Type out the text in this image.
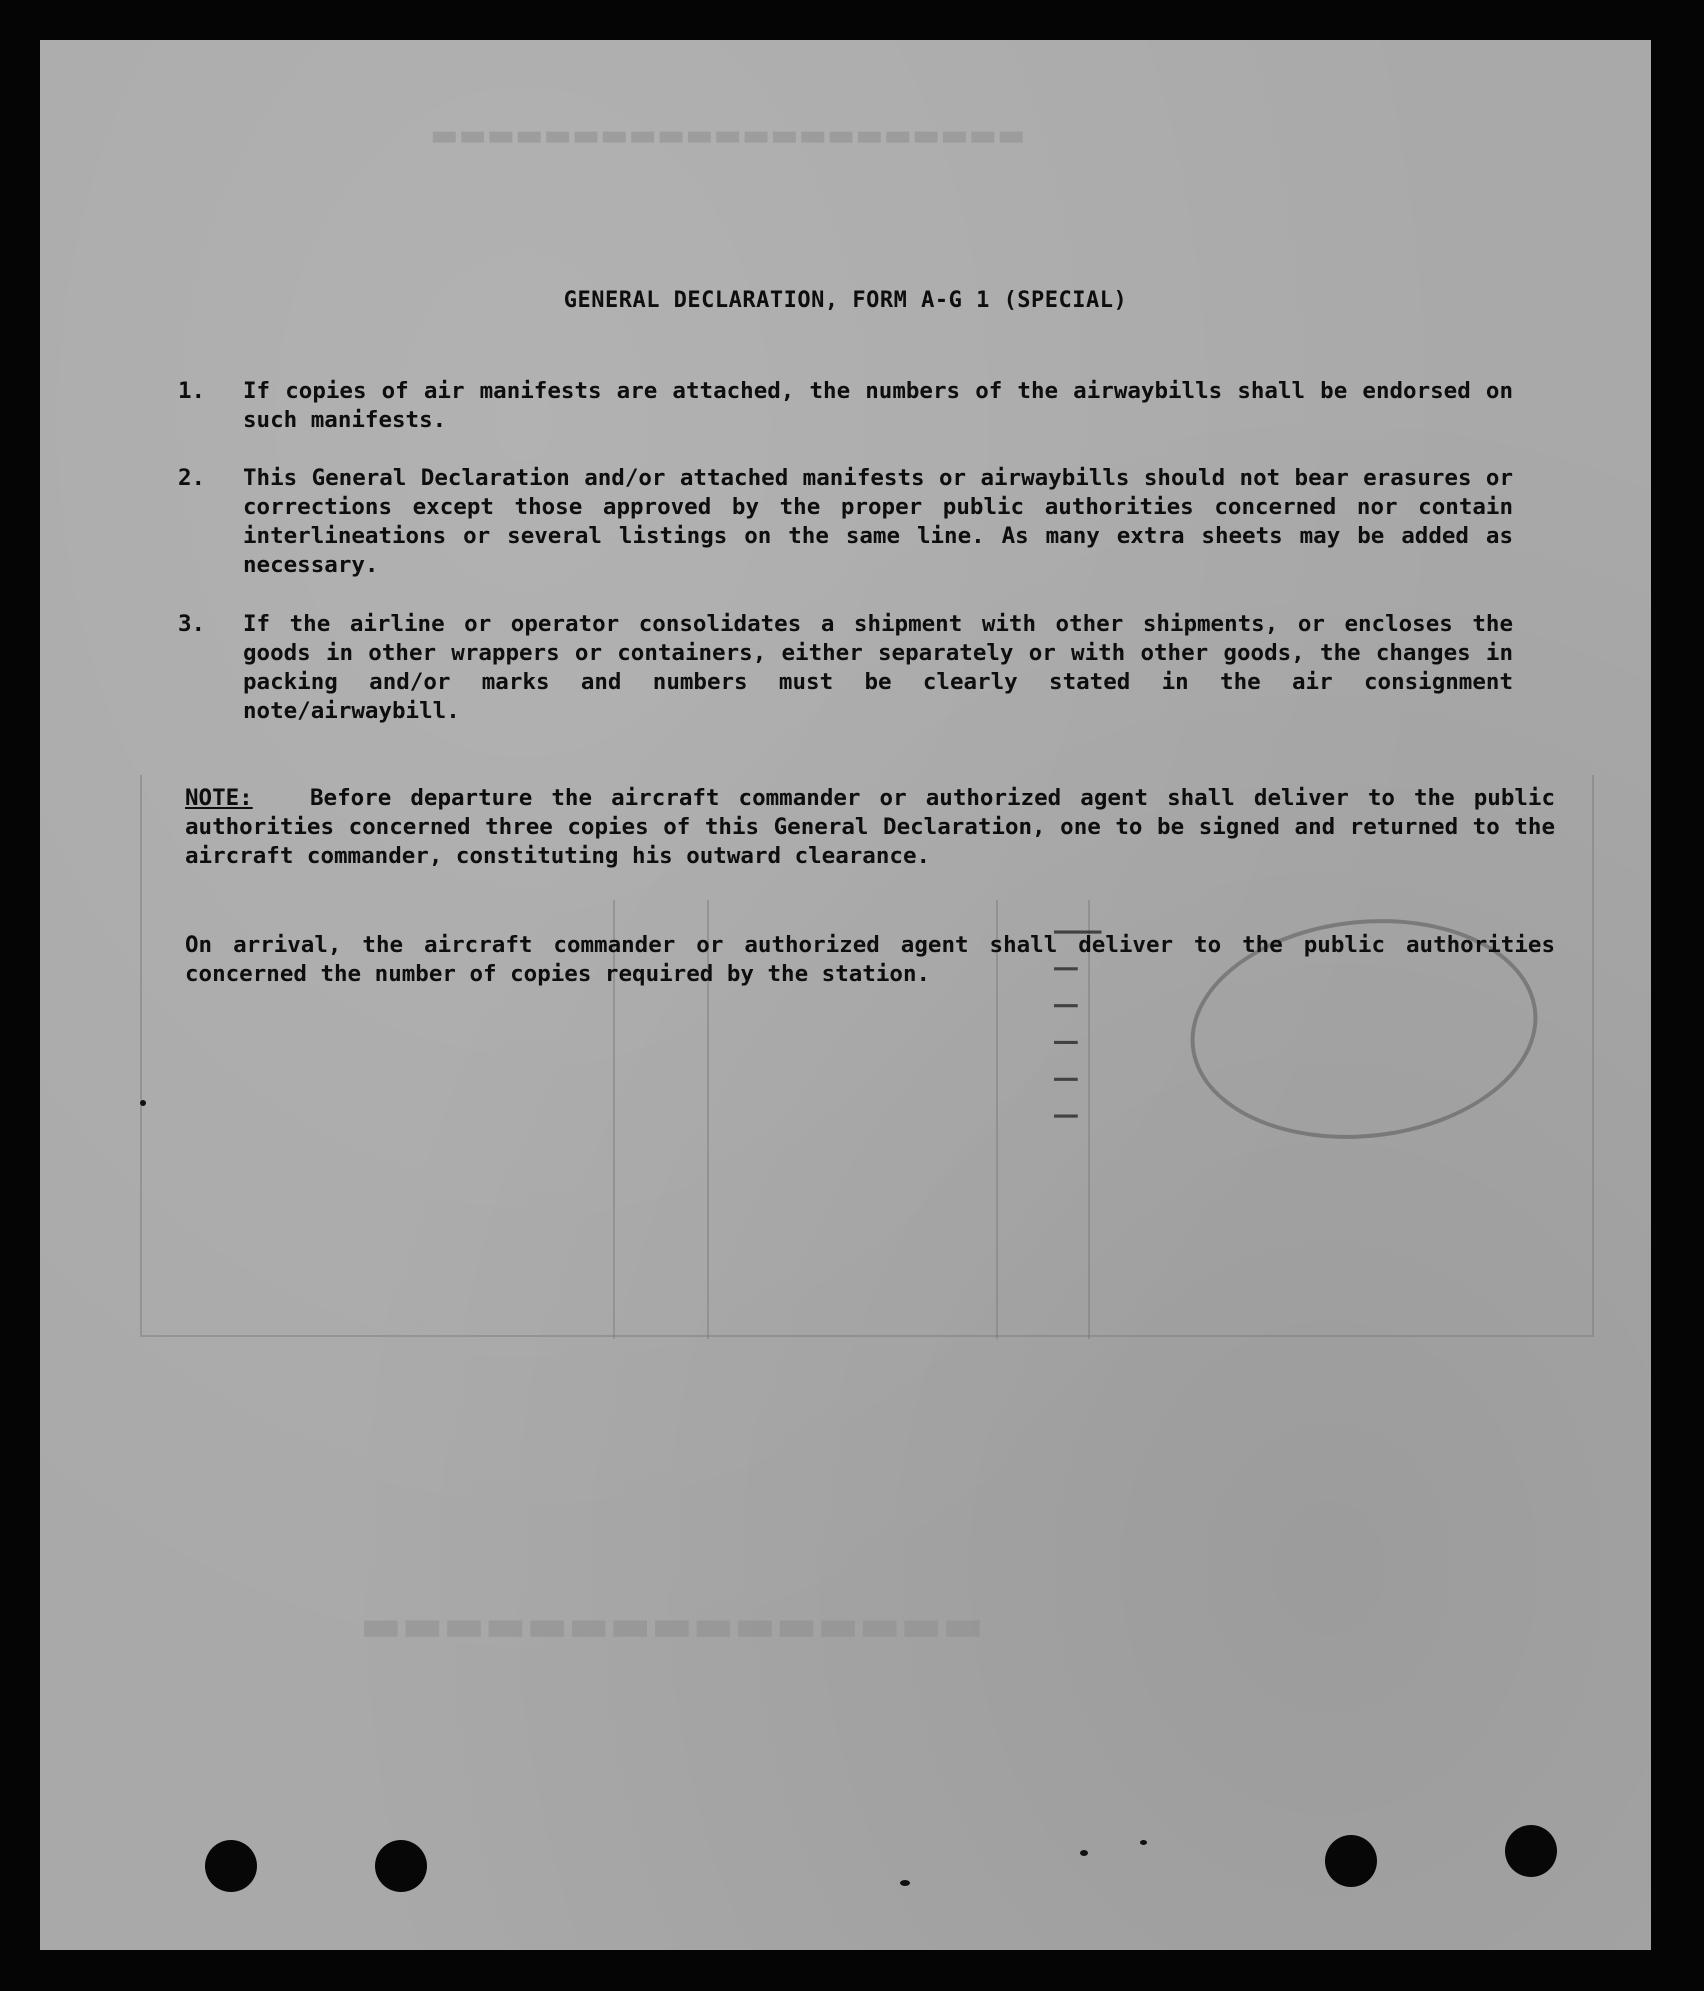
▬▬▬▬▬▬▬▬▬▬▬▬▬▬▬▬▬▬▬▬▬
▬▬▬▬▬▬▬▬▬▬▬▬▬▬▬
GENERAL DECLARATION, FORM A-G 1 (SPECIAL)
1. If copies of air manifests are attached, the numbers of the airwaybills shall be endorsed on such manifests.
2. This General Declaration and/or attached manifests or airwaybills should not bear erasures or corrections except those approved by the proper public authorities concerned nor contain interlineations or several listings on the same line. As many extra sheets may be added as necessary.
3. If the airline or operator consolidates a shipment with other shipments, or encloses the goods in other wrappers or containers, either separately or with other goods, the changes in packing and/or marks and numbers must be clearly stated in the air consignment note/airwaybill.
NOTE:	Before departure the aircraft commander or authorized agent shall deliver to the public authorities concerned three copies of this General Declaration, one to be signed and returned to the aircraft commander, constituting his outward clearance.
On arrival, the aircraft commander or authorized agent shall deliver to the public authorities concerned the number of copies required by the station.	│ ╷ ╷ ╷ ╷ ╷
